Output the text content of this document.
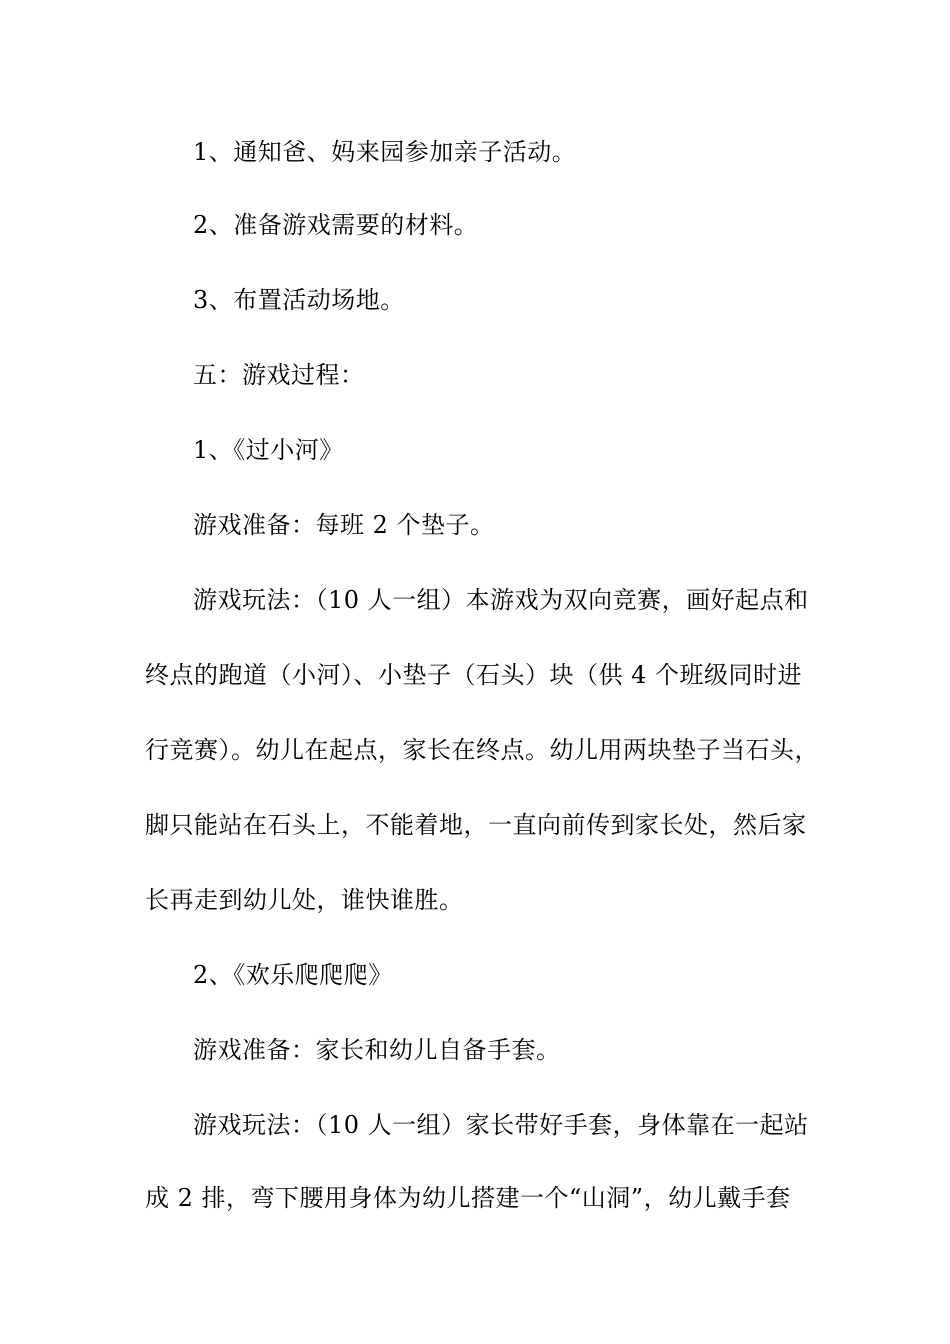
1、通知爸、妈来园参加亲子活动。
2、准备游戏需要的材料。
3、布置活动场地。
五：游戏过程：
1、《过小河》
游戏准备：每班 2 个垫子。
游戏玩法：（10 人一组）本游戏为双向竞赛，画好起点和
终点的跑道（小河）、小垫子（石头）块（供 4 个班级同时进
行竞赛）。幼儿在起点，家长在终点。幼儿用两块垫子当石头，
脚只能站在石头上，不能着地，一直向前传到家长处，然后家
长再走到幼儿处，谁快谁胜。
2、《欢乐爬爬爬》
游戏准备：家长和幼儿自备手套。
游戏玩法：（10 人一组）家长带好手套，身体靠在一起站
成 2 排，弯下腰用身体为幼儿搭建一个“山洞”，幼儿戴手套
